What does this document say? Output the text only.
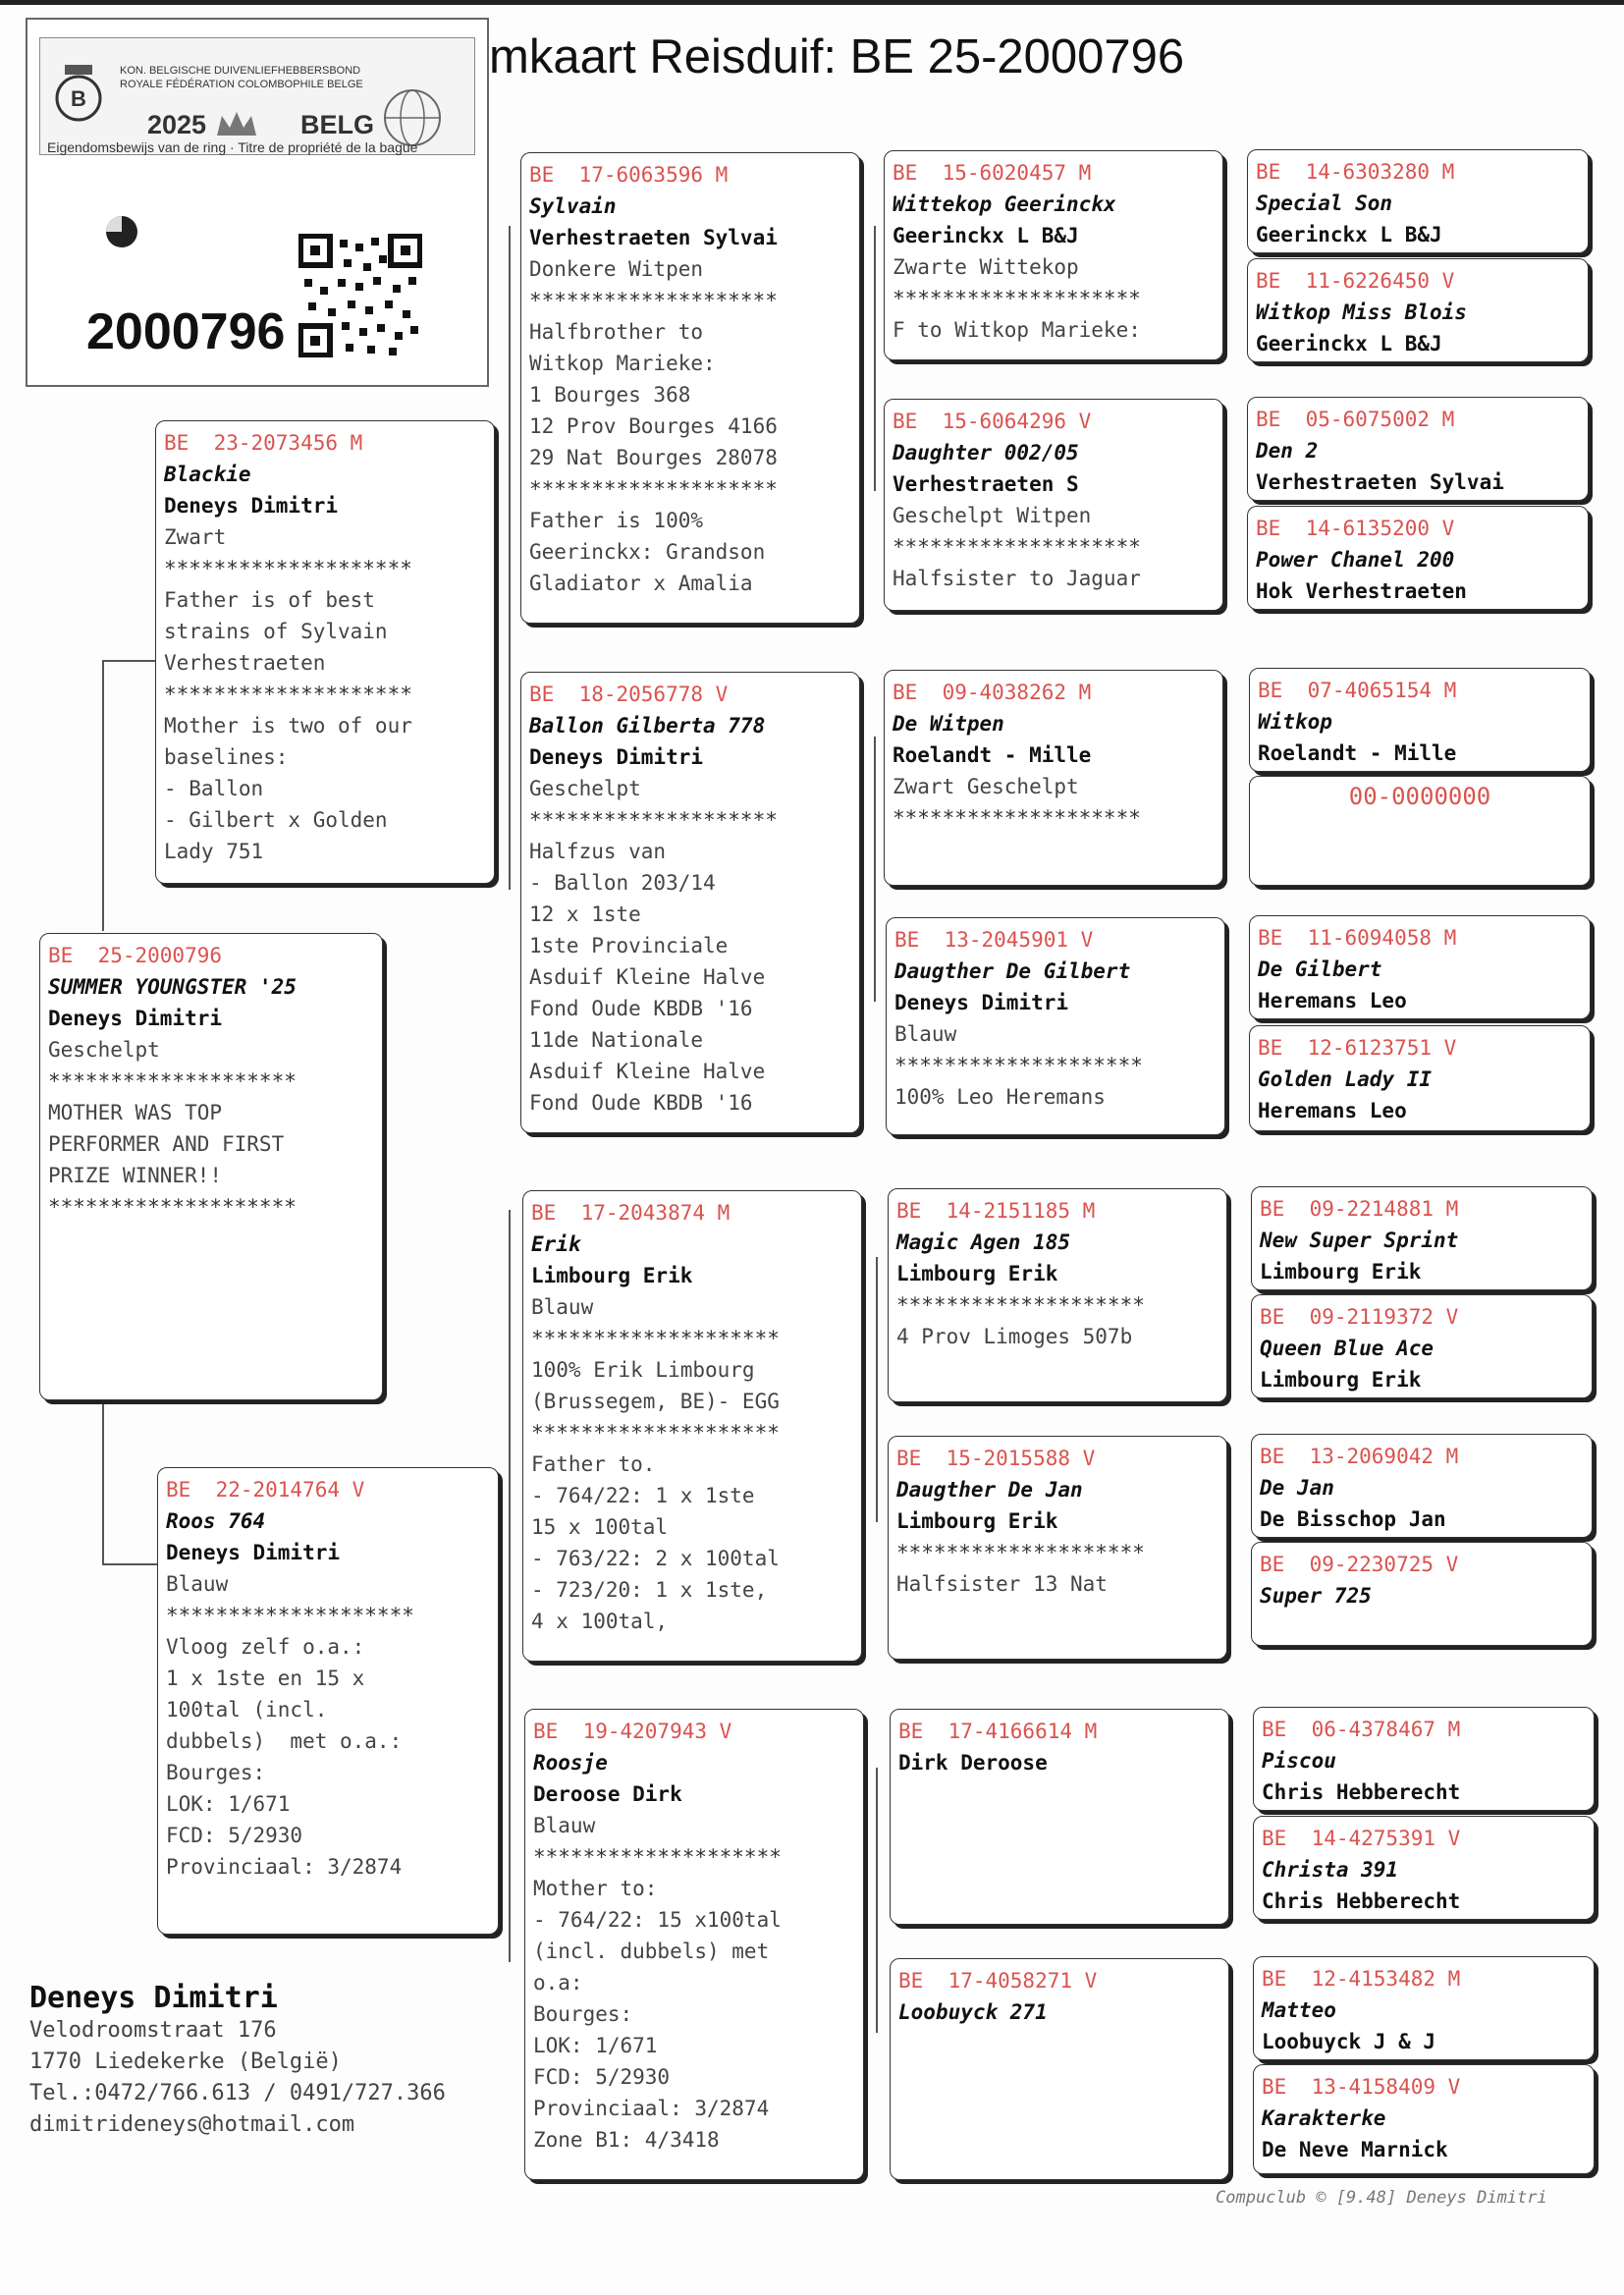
B
KON. BELGISCHE DUIVENLIEFHEBBERSBOND
ROYALE FÉDÉRATION COLOMBOPHILE BELGE
2025	BELG
Eigendomsbewijs van de ring · Titre de propriété de la bague
2000796
mkaart Reisduif: BE 25-2000796
BE  25-2000796
SUMMER YOUNGSTER '25
Deneys Dimitri
Geschelpt
********************
MOTHER WAS TOP
PERFORMER AND FIRST
PRIZE WINNER!!
********************
BE  23-2073456 M
Blackie
Deneys Dimitri
Zwart
********************
Father is of best
strains of Sylvain
Verhestraeten
********************
Mother is two of our
baselines:
- Ballon
- Gilbert x Golden
Lady 751
BE  22-2014764 V
Roos 764
Deneys Dimitri
Blauw
********************
Vloog zelf o.a.:
1 x 1ste en 15 x
100tal (incl.
dubbels)  met o.a.:
Bourges:
LOK: 1/671
FCD: 5/2930
Provinciaal: 3/2874
BE  17-6063596 M
Sylvain
Verhestraeten Sylvai
Donkere Witpen
********************
Halfbrother to
Witkop Marieke:
1 Bourges 368
12 Prov Bourges 4166
29 Nat Bourges 28078
********************
Father is 100%
Geerinckx: Grandson
Gladiator x Amalia
BE  18-2056778 V
Ballon Gilberta 778
Deneys Dimitri
Geschelpt
********************
Halfzus van
- Ballon 203/14
12 x 1ste
1ste Provinciale
Asduif Kleine Halve
Fond Oude KBDB '16
11de Nationale
Asduif Kleine Halve
Fond Oude KBDB '16
BE  17-2043874 M
Erik
Limbourg Erik
Blauw
********************
100% Erik Limbourg
(Brussegem, BE)- EGG
********************
Father to.
- 764/22: 1 x 1ste
15 x 100tal
- 763/22: 2 x 100tal
- 723/20: 1 x 1ste,
4 x 100tal,
BE  19-4207943 V
Roosje
Deroose Dirk
Blauw
********************
Mother to:
- 764/22: 15 x100tal
(incl. dubbels) met
o.a:
Bourges:
LOK: 1/671
FCD: 5/2930
Provinciaal: 3/2874
Zone B1: 4/3418
BE  15-6020457 M
Wittekop Geerinckx
Geerinckx L B&J
Zwarte Wittekop
********************
F to Witkop Marieke:
BE  15-6064296 V
Daughter 002/05
Verhestraeten S
Geschelpt Witpen
********************
Halfsister to Jaguar
BE  09-4038262 M
De Witpen
Roelandt - Mille
Zwart Geschelpt
********************
BE  13-2045901 V
Daugther De Gilbert
Deneys Dimitri
Blauw
********************
100% Leo Heremans
BE  14-2151185 M
Magic Agen 185
Limbourg Erik
********************
4 Prov Limoges 507b
BE  15-2015588 V
Daugther De Jan
Limbourg Erik
********************
Halfsister 13 Nat
BE  17-4166614 M
Dirk Deroose
BE  17-4058271 V
Loobuyck 271
BE  14-6303280 M
Special Son
Geerinckx L B&J
BE  11-6226450 V
Witkop Miss Blois
Geerinckx L B&J
BE  05-6075002 M
Den 2
Verhestraeten Sylvai
BE  14-6135200 V
Power Chanel 200
Hok Verhestraeten
BE  07-4065154 M
Witkop
Roelandt - Mille
00-0000000
BE  11-6094058 M
De Gilbert
Heremans Leo
BE  12-6123751 V
Golden Lady II
Heremans Leo
BE  09-2214881 M
New Super Sprint
Limbourg Erik
BE  09-2119372 V
Queen Blue Ace
Limbourg Erik
BE  13-2069042 M
De Jan
De Bisschop Jan
BE  09-2230725 V
Super 725
BE  06-4378467 M
Piscou
Chris Hebberecht
BE  14-4275391 V
Christa 391
Chris Hebberecht
BE  12-4153482 M
Matteo
Loobuyck J & J
BE  13-4158409 V
Karakterke
De Neve Marnick
Deneys Dimitri
Velodroomstraat 176
1770 Liedekerke (België)
Tel.:0472/766.613 / 0491/727.366
dimitrideneys@hotmail.com
Compuclub © [9.48] Deneys Dimitri
